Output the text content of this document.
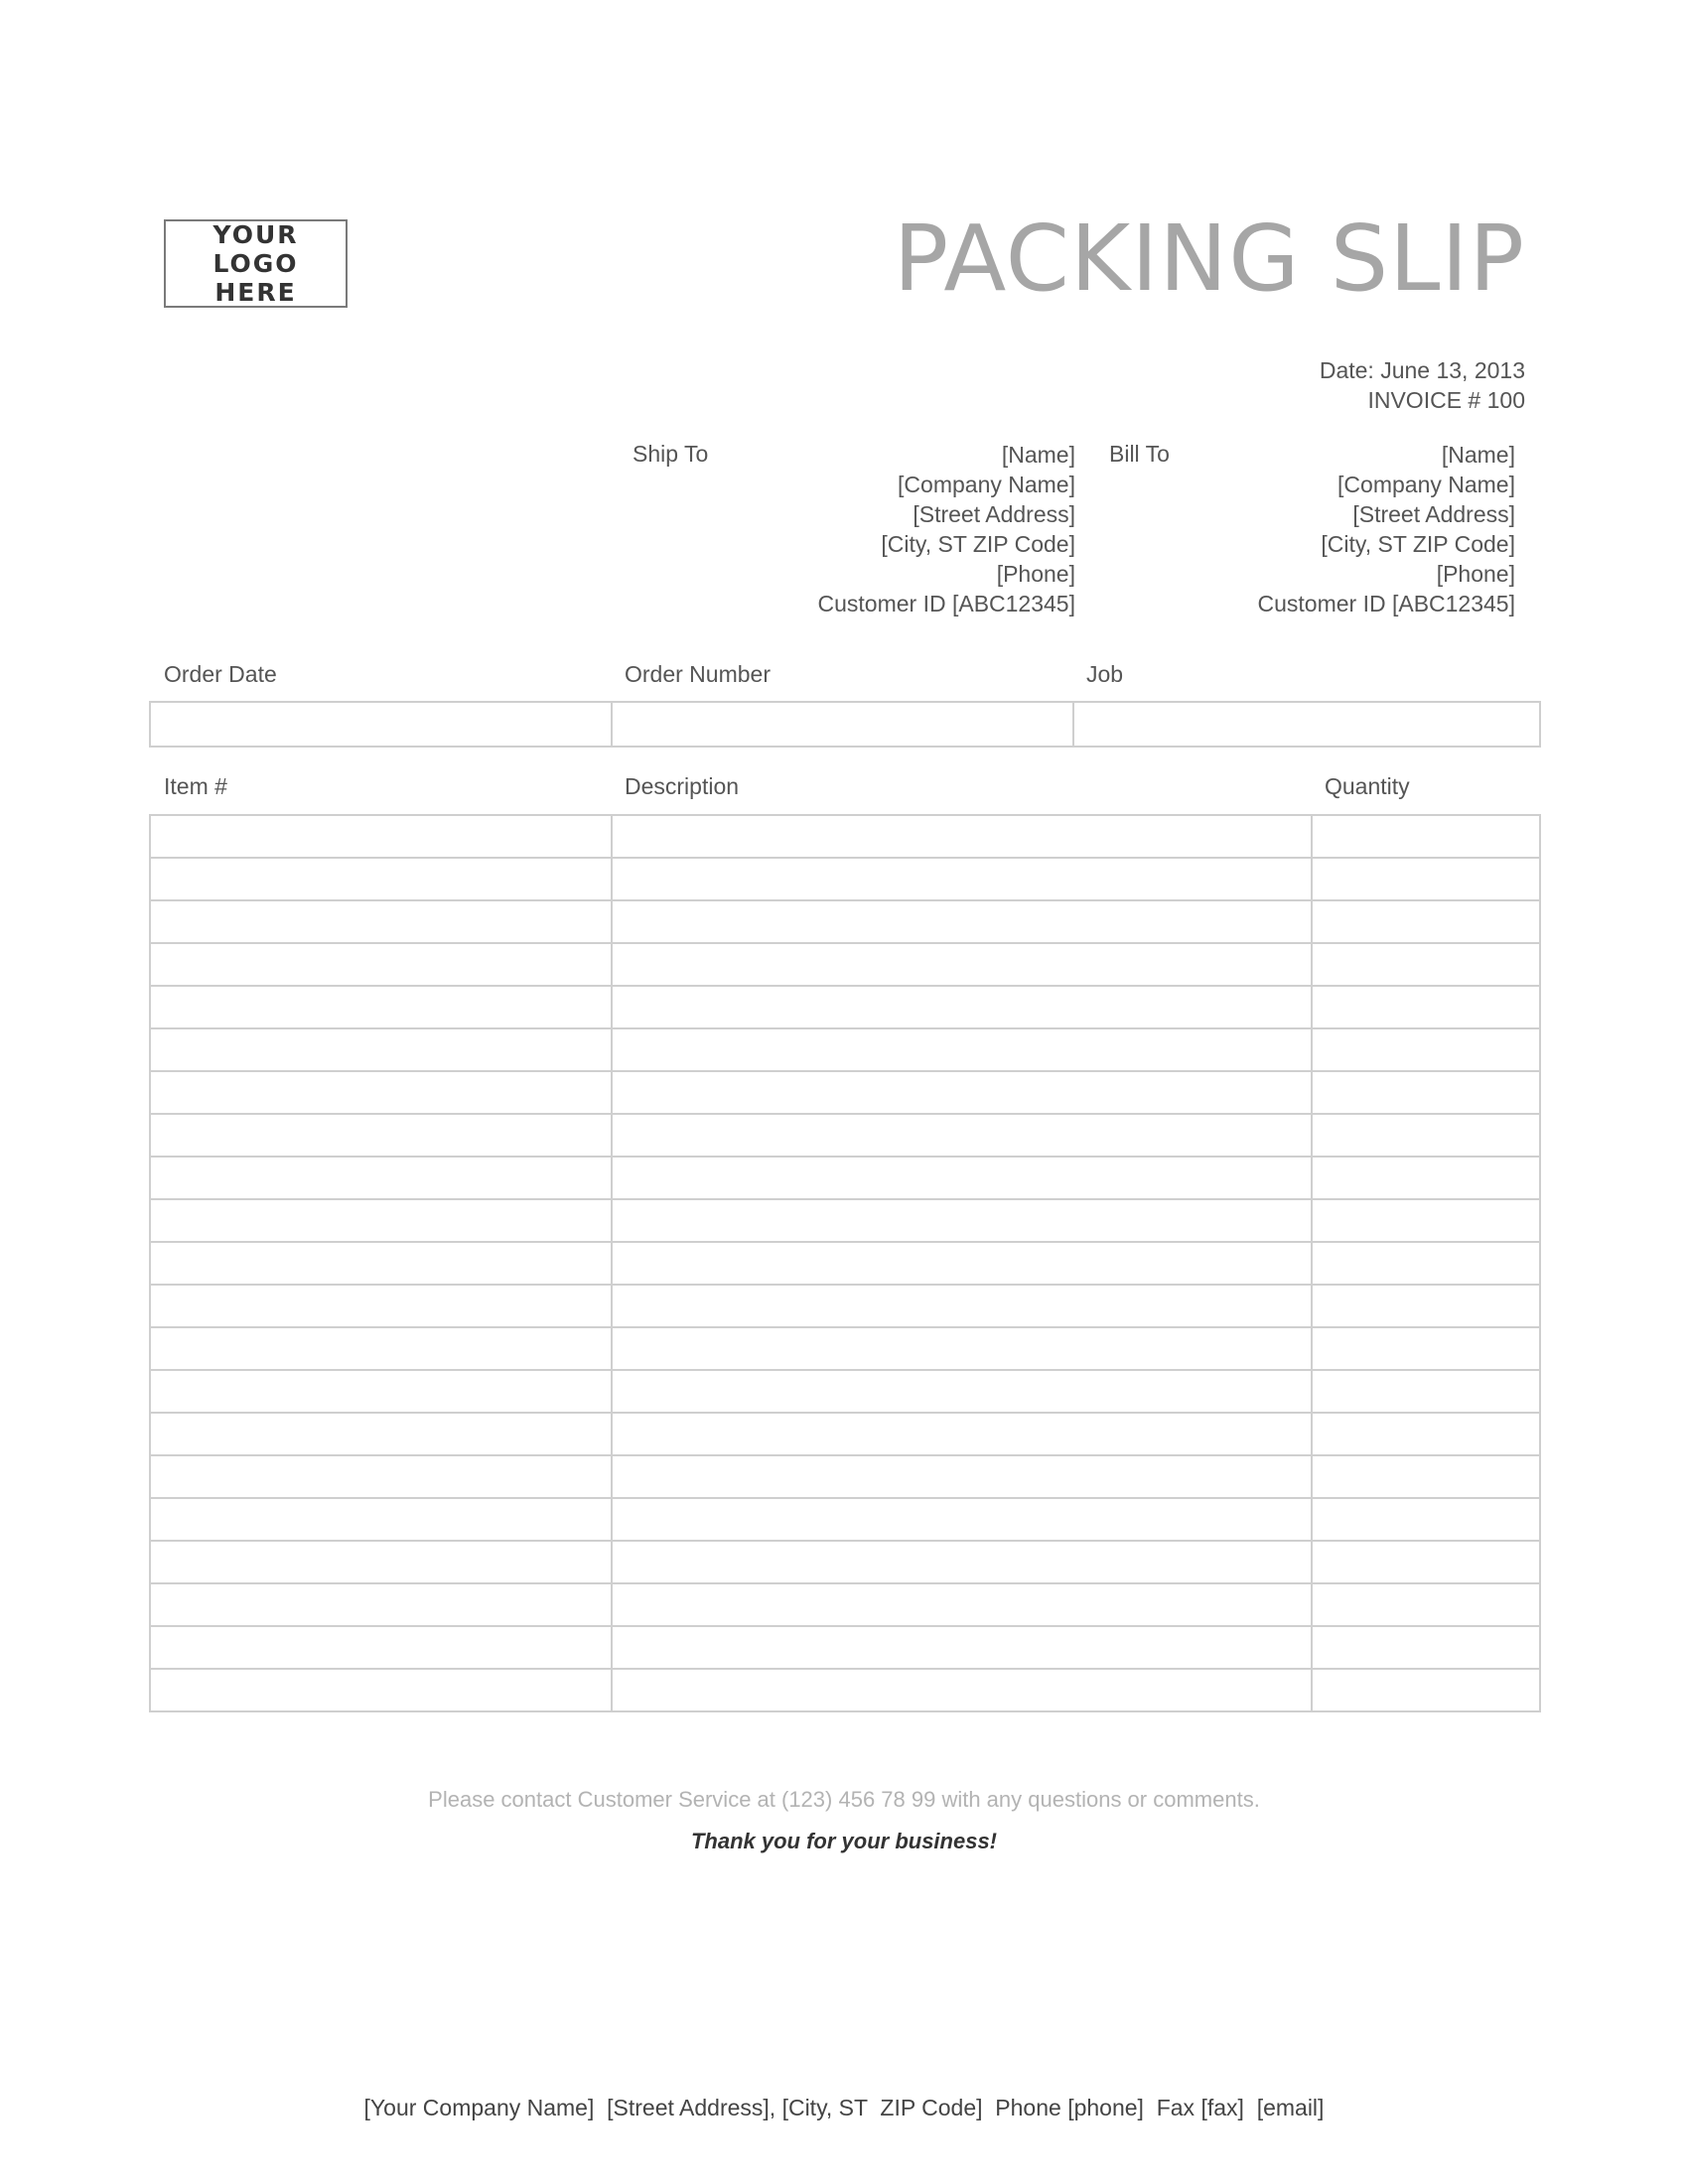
YOUR LOGO
HERE	PACKING SLIP
Date: June 13, 2013
INVOICE # 100
Ship To	[Name]
[Company Name]
[Street Address]
[City, ST ZIP Code]
[Phone]
Customer ID [ABC12345]
Bill To	[Name]
[Company Name]
[Street Address]
[City, ST ZIP Code]
[Phone]
Customer ID [ABC12345]
Order Date	Order Number	Job

Item #	Description	Quantity

Please contact Customer Service at (123) 456 78 99 with any questions or comments.
Thank you for your business!
[Your Company Name]  [Street Address], [City, ST  ZIP Code]  Phone [phone]  Fax [fax]  [email]
